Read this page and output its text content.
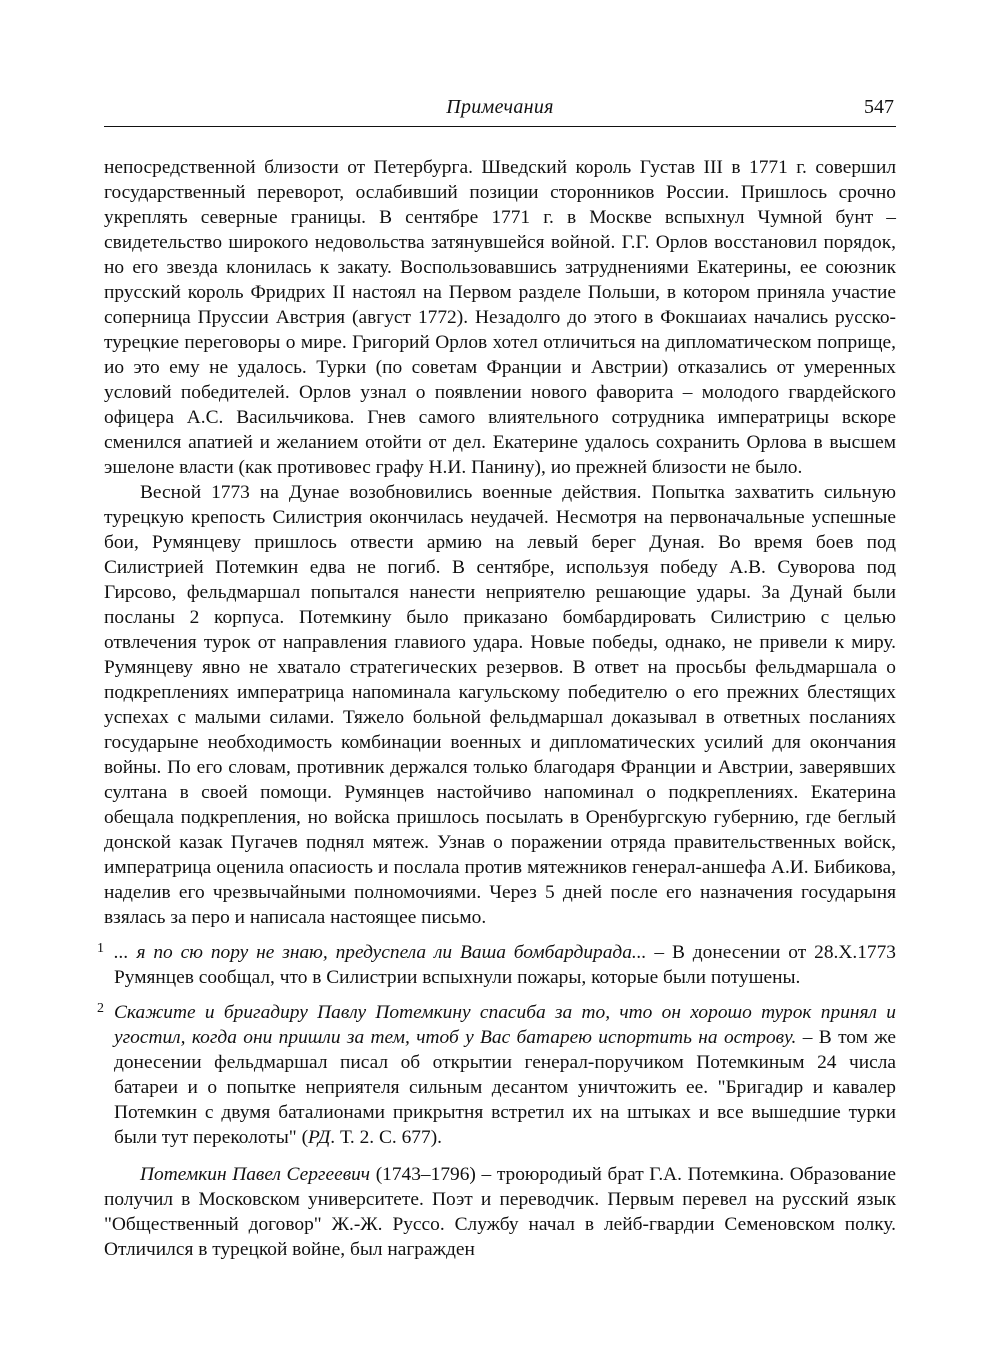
Примечания	547

непосредственной близости от Петербурга. Шведский король Густав III в 1771 г. совершил государственный переворот, ослабивший позиции сторонников России. Пришлось срочно укреплять северные границы. В сентябре 1771 г. в Москве вспыхнул Чумной бунт – свидетельство широкого недовольства затянувшейся войной. Г.Г. Орлов восстановил порядок, но его звезда клонилась к закату. Воспользовавшись затруднениями Екатерины, ее союзник прусский король Фридрих II настоял на Первом разделе Польши, в котором приняла участие соперница Пруссии Австрия (август 1772). Незадолго до этого в Фокшаиах начались русско-турецкие переговоры о мире. Григорий Орлов хотел отличиться на дипломатическом поприще, ио это ему не удалось. Турки (по советам Франции и Австрии) отказались от умеренных условий победителей. Орлов узнал о появлении нового фаворита – молодого гвардейского офицера А.С. Васильчикова. Гнев самого влиятельного сотрудника императрицы вскоре сменился апатией и желанием отойти от дел. Екатерине удалось сохранить Орлова в высшем эшелоне власти (как противовес графу Н.И. Панину), ио прежней близости не было.

Весной 1773 на Дунае возобновились военные действия. Попытка захватить сильную турецкую крепость Силистрия окончилась неудачей. Несмотря на первоначальные успешные бои, Румянцеву пришлось отвести армию на левый берег Дуная. Во время боев под Силистрией Потемкин едва не погиб. В сентябре, используя победу А.В. Суворова под Гирсово, фельдмаршал попытался нанести неприятелю решающие удары. За Дунай были посланы 2 корпуса. Потемкину было приказано бомбардировать Силистрию с целью отвлечения турок от направления главиого удара. Новые победы, однако, не привели к миру. Румянцеву явно не хватало стратегических резервов. В ответ на просьбы фельдмаршала о подкреплениях императрица напоминала кагульскому победителю о его прежних блестящих успехах с малыми силами. Тяжело больной фельдмаршал доказывал в ответных посланиях государыне необходимость комбинации военных и дипломатических усилий для окончания войны. По его словам, противник держался только благодаря Франции и Австрии, заверявших султана в своей помощи. Румянцев настойчиво напоминал о подкреплениях. Екатерина обещала подкрепления, но войска пришлось посылать в Оренбургскую губернию, где беглый донской казак Пугачев поднял мятеж. Узнав о поражении отряда правительственных войск, императрица оценила опасиость и послала против мятежников генерал-аншефа А.И. Бибикова, наделив его чрезвычайными полномочиями. Через 5 дней после его назначения государыня взялась за перо и написала настоящее письмо.

1 ... я по сю пору не знаю, предуспела ли Ваша бомбардирада... – В донесении от 28.X.1773 Румянцев сообщал, что в Силистрии вспыхнули пожары, которые были потушены.

2 Скажите и бригадиру Павлу Потемкину спасиба за то, что он хорошо турок принял и угостил, когда они пришли за тем, чтоб у Вас батарею испортить на острову. – В том же донесении фельдмаршал писал об открытии генерал-поручиком Потемкиным 24 числа батареи и о попытке неприятеля сильным десантом уничтожить ее. "Бригадир и кавалер Потемкин с двумя баталионами прикрытня встретил их на штыках и все вышедшие турки были тут переколоты" (РД. Т. 2. С. 677).

Потемкин Павел Сергеевич (1743–1796) – троюродиый брат Г.А. Потемкина. Образование получил в Московском университете. Поэт и переводчик. Первым перевел на русский язык "Общественный договор" Ж.-Ж. Руссо. Службу начал в лейб-гвардии Семеновском полку. Отличился в турецкой войне, был награжден
